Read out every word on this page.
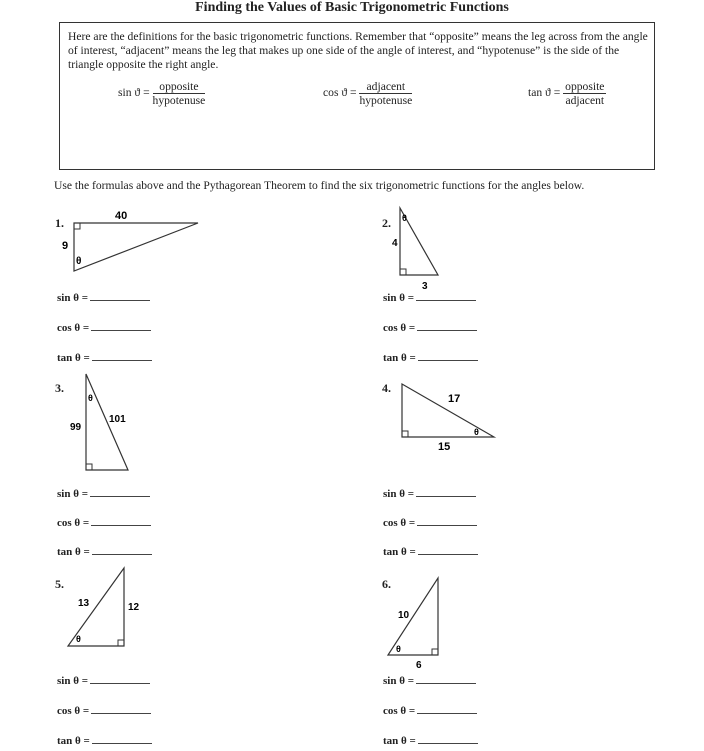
Finding the Values of Basic Trigonometric Functions
Here are the definitions for the basic trigonometric functions. Remember that “opposite” means the leg across from the angle of interest, “adjacent” means the leg that makes up one side of the angle of interest, and “hypotenuse” is the side of the triangle opposite the right angle.
$\sin ϑ = \frac{\text{opposite}}{\text{hypotenuse}}$	$\cos ϑ = \frac{\text{adjacent}}{\text{hypotenuse}}$	$\tan ϑ = \frac{\text{opposite}}{\text{adjacent}}$
Use the formulas above and the Pythagorean Theorem to find the six trigonometric functions for the angles below.
1.	40
9
θ
2.
4
3
θ
3.
99
101
θ
4.
17
15
θ
5.
13	12
θ
6.
10
6
θ
sin θ =
cos θ =
tan θ =
sin θ =
cos θ =
tan θ =
sin θ =
cos θ =
tan θ =
sin θ =
cos θ =
tan θ =
sin θ =
cos θ =
tan θ =
sin θ =
cos θ =
tan θ =
